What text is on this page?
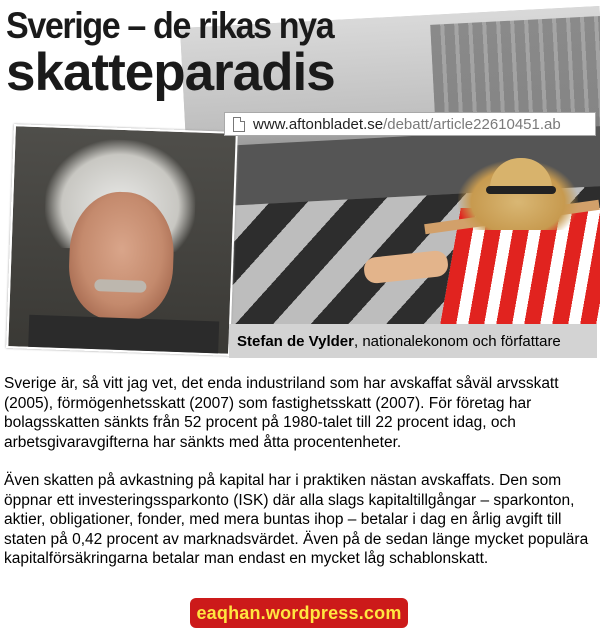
Sverige – de rikas nya
skatteparadis
www.aftonbladet.se/debatt/article22610451.ab
Stefan de Vylder , nationalekonom och författare

Sverige är, så vitt jag vet, det enda industriland som har avskaffat såväl arvsskatt (2005), förmögenhetsskatt (2007) som fastighetsskatt (2007). För företag har bolagsskatten sänkts från 52 procent på 1980-talet till 22 procent idag, och arbetsgivaravgifterna har sänkts med åtta procentenheter.

Även skatten på avkastning på kapital har i praktiken nästan avskaffats. Den som öppnar ett investeringssparkonto (ISK) där alla slags kapitaltillgångar – sparkonton, aktier, obligationer, fonder, med mera buntas ihop – betalar i dag en årlig avgift till staten på 0,42 procent av marknadsvärdet. Även på de sedan länge mycket populära kapitalförsäkringarna betalar man endast en mycket låg schablonskatt.

eaqhan.wordpress.com
